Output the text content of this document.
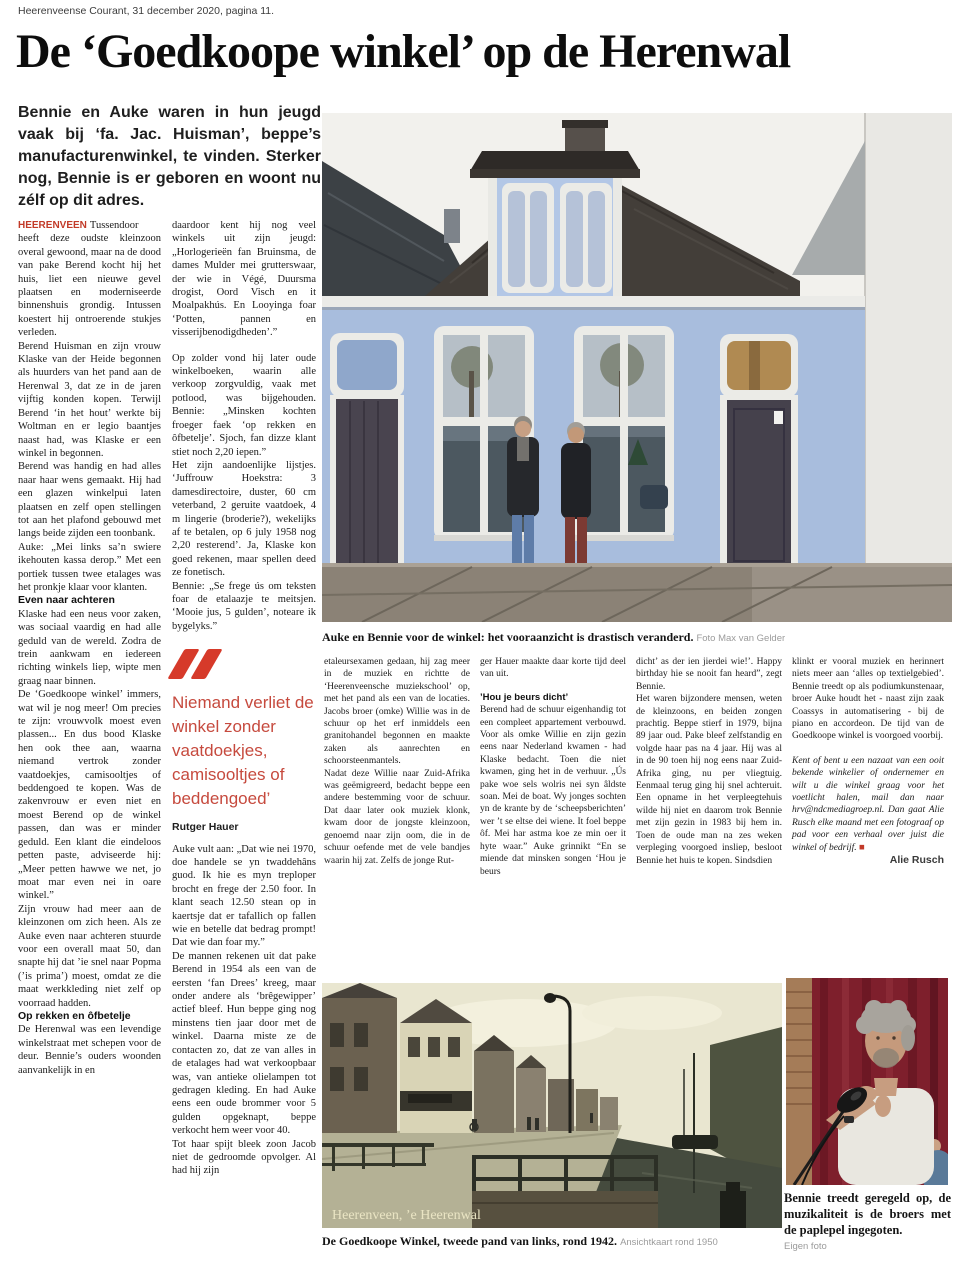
Heerenveense Courant, 31 december 2020, pagina 11.
De ‘Goedkoope winkel’ op de Herenwal
Bennie en Auke waren in hun jeugd vaak bij ‘fa. Jac. Huisman’, beppe’s manufacturenwinkel, te vinden. Sterker nog, Bennie is er geboren en woont nu zélf op dit adres.

HEERENVEEN Tussendoor heeft deze oudste kleinzoon overal gewoond, maar na de dood van pake Berend kocht hij het huis, liet een nieuwe gevel plaatsen en moderniseerde binnenshuis grondig. Intussen koestert hij ontroerende stukjes verleden.

Berend Huisman en zijn vrouw Klaske van der Heide begonnen als huurders van het pand aan de Herenwal 3, dat ze in de jaren vijftig konden kopen. Terwijl Berend ‘in het hout’ werkte bij Woltman en er legio baantjes naast had, was Klaske er een winkel in begonnen.

Berend was handig en had alles naar haar wens gemaakt. Hij had een glazen winkelpui laten plaatsen en zelf open stellingen tot aan het plafond gebouwd met langs beide zijden een toonbank.

Auke: „Mei links sa’n swiere ikehouten kassa derop.” Met een portiek tussen twee etalages was het pronkje klaar voor klanten.

Even naar achteren

Klaske had een neus voor zaken, was sociaal vaardig en had alle geduld van de wereld. Zodra de trein aankwam en iedereen richting winkels liep, wipte men graag naar binnen.

De ‘Goedkoope winkel’ immers, wat wil je nog meer! Om precies te zijn: vrouwvolk moest even plassen... En dus bood Klaske hen ook thee aan, waarna niemand vertrok zonder vaatdoekjes, camisooltjes of beddengoed te kopen. Was de zakenvrouw er even niet en moest Berend op de winkel passen, dan was er minder geduld. Een klant die eindeloos petten paste, adviseerde hij: „Meer petten hawwe we net, jo moat mar even nei in oare winkel.”

Zijn vrouw had meer aan de kleinzonen om zich heen. Als ze Auke even naar achteren stuurde voor een overall maat 50, dan snapte hij dat ’ie snel naar Popma (’is prima’) moest, omdat ze die maat werkkleding niet zelf op voorraad hadden.

Op rekken en ôfbetelje

De Herenwal was een levendige winkelstraat met schepen voor de deur. Bennie’s ouders woonden aanvankelijk in en

daardoor kent hij nog veel winkels uit zijn jeugd: „Horlogerieën fan Bruinsma, de dames Mulder mei grutterswaar, der wie in Végé, Duursma drogist, Oord Visch en it Moalpakhús. En Looyinga foar ‘Potten, pannen en visserijbenodigdheden’.”

Op zolder vond hij later oude winkelboeken, waarin alle verkoop zorgvuldig, vaak met potlood, was bijgehouden. Bennie: „Minsken kochten froeger faek ‘op rekken en ôfbetelje’. Sjoch, fan dizze klant stiet noch 2,20 iepen.”

Het zijn aandoenlijke lijstjes. ‘Juffrouw Hoekstra: 3 damesdirectoire, duster, 60 cm veterband, 2 geruite vaatdoek, 4 m lingerie (broderie?), wekelijks af te betalen, op 6 july 1958 nog 2,20 resterend’. Ja, Klaske kon goed rekenen, maar spellen deed ze fonetisch.

Bennie: „Se frege ús om teksten foar de etalaazje te meitsjen. ‘Mooie jus, 5 gulden’, noteare ik bygelyks.”

Niemand verliet de winkel zonder vaatdoekjes, camisooltjes of beddengoed’
Rutger Hauer

Auke vult aan: „Dat wie nei 1970, doe handele se yn twaddehâns guod. Ik hie es myn treploper brocht en frege der 2.50 foor. In klant seach 12.50 stean op in kaertsje dat er tafallich op fallen wie en betelle dat bedrag prompt! Dat wie dan foar my.”

De mannen rekenen uit dat pake Berend in 1954 als een van de eersten ‘fan Drees’ kreeg, maar onder andere als ‘brêgewipper’ actief bleef. Hun beppe ging nog minstens tien jaar door met de winkel. Daarna miste ze de contacten zo, dat ze van alles in de etalages had wat verkoopbaar was, van antieke olielampen tot gedragen kleding. En had Auke eens een oude brommer voor 5 gulden opgeknapt, beppe verkocht hem weer voor 40.

Tot haar spijt bleek zoon Jacob niet de gedroomde opvolger. Al had hij zijn

Auke en Bennie voor de winkel: het vooraanzicht is drastisch veranderd. Foto Max van Gelder

etaleursexamen gedaan, hij zag meer in de muziek en richtte de ‘Heerenveensche muziekschool’ op, met het pand als een van de locaties. Jacobs broer (omke) Willie was in de schuur op het erf inmiddels een granitohandel begonnen en maakte zaken als aanrechten en schoorsteenmantels.

Nadat deze Willie naar Zuid-Afrika was geëmigreerd, bedacht beppe een andere bestemming voor de schuur. Dat daar later ook muziek klonk, kwam door de jongste kleinzoon, genoemd naar zijn oom, die in de schuur oefende met de vele bandjes waarin hij zat. Zelfs de jonge Rut-

ger Hauer maakte daar korte tijd deel van uit.

’Hou je beurs dicht’

Berend had de schuur eigenhandig tot een compleet appartement verbouwd. Voor als omke Willie en zijn gezin eens naar Nederland kwamen - had Klaske bedacht. Toen die niet kwamen, ging het in de verhuur. „Ús pake woe sels wolris nei syn âldste soan. Mei de boat. Wy jonges sochten yn de krante by de ‘scheepsberichten’ wer ’t se eltse dei wiene. It foel beppe ôf. Mei har astma koe ze min oer it hyte waar.” Auke grinnikt “En se miende dat minsken songen ‘Hou je beurs

dicht’ as der ien jierdei wie!’. Happy birthday hie se nooit fan heard”, zegt Bennie.

Het waren bijzondere mensen, weten de kleinzoons, en beiden zongen prachtig. Beppe stierf in 1979, bijna 89 jaar oud. Pake bleef zelfstandig en volgde haar pas na 4 jaar. Hij was al in de 90 toen hij nog eens naar Zuid-Afrika ging, nu per vliegtuig. Eenmaal terug ging hij snel achteruit. Een opname in het verpleegtehuis wilde hij niet en daarom trok Bennie met zijn gezin in 1983 bij hem in. Toen de oude man na zes weken verpleging voorgoed insliep, besloot Bennie het huis te kopen. Sindsdien

klinkt er vooral muziek en herinnert niets meer aan ‘alles op textielgebied’. Bennie treedt op als podiumkunstenaar, broer Auke houdt het - naast zijn zaak Coassys in automatisering - bij de piano en accordeon. De tijd van de Goedkoope winkel is voorgoed voorbij.

Kent of bent u een nazaat van een ooit bekende winkelier of ondernemer en wilt u die winkel graag voor het voetlicht halen, mail dan naar hrv@ndcmediagroep.nl. Dan gaat Alie Rusch elke maand met een fotograaf op pad voor een verhaal over juist die winkel of bedrijf. ■

Alie Rusch

Heerenveen, ’e Heerenwal
De Goedkoope Winkel, tweede pand van links, rond 1942. Ansichtkaart rond 1950
Bennie treedt geregeld op, de muzikaliteit is de broers met de paplepel ingegoten.
Eigen foto
